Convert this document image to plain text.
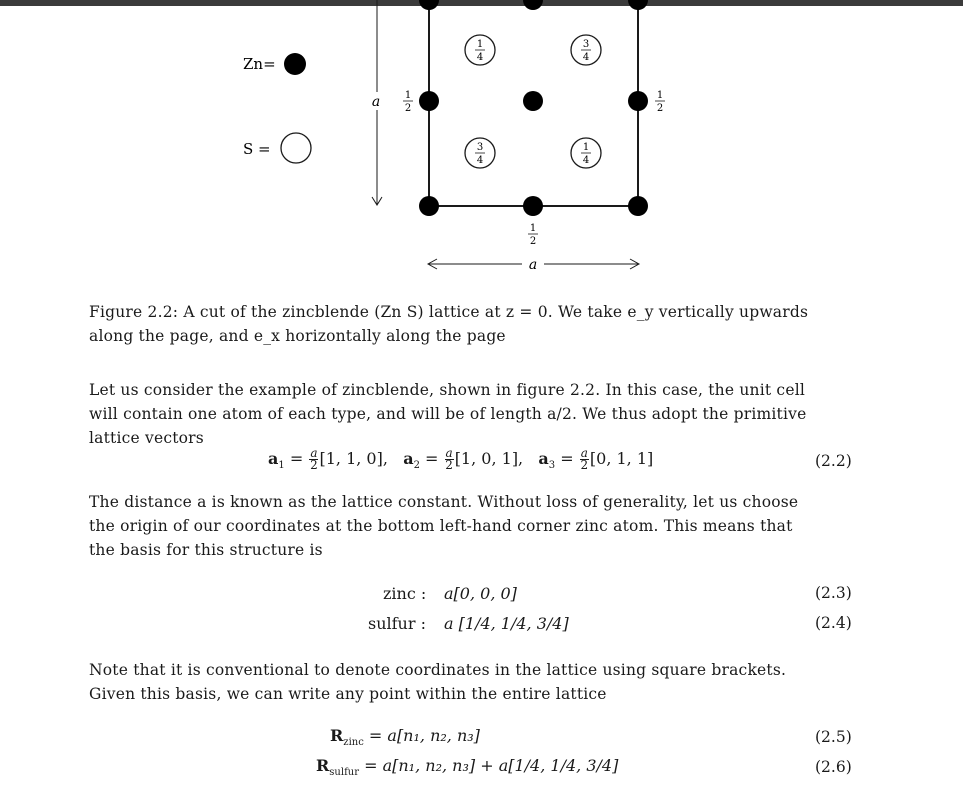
1
4
3
4
3
4
1
4
1
2
1
2
1
2
a
a
Zn=
S =
Figure 2.2: A cut of the zincblende (Zn S) lattice at z = 0. We take e_y vertically upwards
along the page, and e_x horizontally along the page
Let us consider the example of zincblende, shown in figure 2.2. In this case, the unit cell
will contain one atom of each type, and will be of length a/2. We thus adopt the primitive
lattice vectors
$a_1 = \frac{a}{2} [1$, 1, 0], $a_2 = \frac{a}{2} [1$, 0, 1], $a_3 = \frac{a}{2} [0$, 1, 1]	(2.2)
The distance a is known as the lattice constant. Without loss of generality, let us choose
the origin of our coordinates at the bottom left-hand corner zinc atom. This means that
the basis for this structure is
zinc : a[0, 0, 0]	(2.3)
sulfur : a [1/4, 1/4, 3/4]	(2.4)
Note that it is conventional to denote coordinates in the lattice using square brackets.
Given this basis, we can write any point within the entire lattice
$R_{zinc} = a[n_1$, n₂, n₃]	(2.5)
$R_{sulfur} = a[n_1$, n₂, n₃] + a[1/4, 1/4, 3/4]	(2.6)
